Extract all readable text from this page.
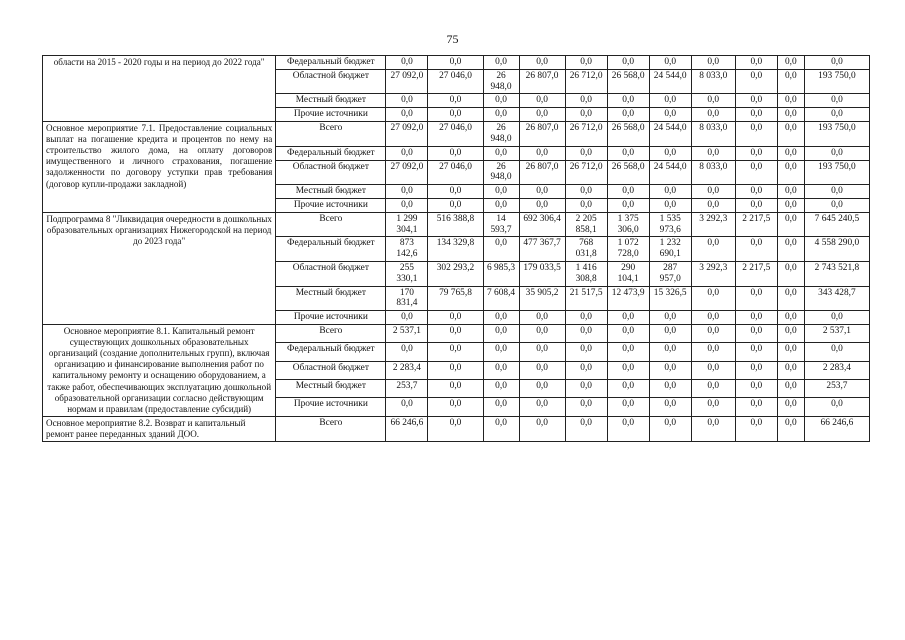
75
области на 2015 - 2020 годы и на период до 2022 года"	Федеральный бюджет	0,0	0,0	0,0	0,0	0,0	0,0	0,0	0,0	0,0	0,0	0,0
	Областной бюджет	27 092,0	27 046,0	26 948,0	26 807,0	26 712,0	26 568,0	24 544,0	8 033,0	0,0	0,0	193 750,0
	Местный бюджет	0,0	0,0	0,0	0,0	0,0	0,0	0,0	0,0	0,0	0,0	0,0
	Прочие источники	0,0	0,0	0,0	0,0	0,0	0,0	0,0	0,0	0,0	0,0	0,0
Основное мероприятие 7.1. Предоставление социальных выплат на погашение кредита и процентов по нему на строительство жилого дома, на оплату договоров имущественного и личного страхования, погашение задолженности по договору уступки прав требования (договор купли-продажи закладной)	Всего	27 092,0	27 046,0	26 948,0	26 807,0	26 712,0	26 568,0	24 544,0	8 033,0	0,0	0,0	193 750,0
	Федеральный бюджет	0,0	0,0	0,0	0,0	0,0	0,0	0,0	0,0	0,0	0,0	0,0
	Областной бюджет	27 092,0	27 046,0	26 948,0	26 807,0	26 712,0	26 568,0	24 544,0	8 033,0	0,0	0,0	193 750,0
	Местный бюджет	0,0	0,0	0,0	0,0	0,0	0,0	0,0	0,0	0,0	0,0	0,0
	Прочие источники	0,0	0,0	0,0	0,0	0,0	0,0	0,0	0,0	0,0	0,0	0,0
Подпрограмма 8 "Ликвидация очередности в дошкольных образовательных организациях Нижегородской на период до 2023 года"	Всего	1 299 304,1	516 388,8	14 593,7	692 306,4	2 205 858,1	1 375 306,0	1 535 973,6	3 292,3	2 217,5	0,0	7 645 240,5
	Федеральный бюджет	873 142,6	134 329,8	0,0	477 367,7	768 031,8	1 072 728,0	1 232 690,1	0,0	0,0	0,0	4 558 290,0
	Областной бюджет	255 330,1	302 293,2	6 985,3	179 033,5	1 416 308,8	290 104,1	287 957,0	3 292,3	2 217,5	0,0	2 743 521,8
	Местный бюджет	170 831,4	79 765,8	7 608,4	35 905,2	21 517,5	12 473,9	15 326,5	0,0	0,0	0,0	343 428,7
	Прочие источники	0,0	0,0	0,0	0,0	0,0	0,0	0,0	0,0	0,0	0,0	0,0
Основное мероприятие 8.1. Капитальный ремонт существующих дошкольных образовательных организаций (создание дополнительных групп), включая организацию и финансирование выполнения работ по капитальному ремонту и оснащению оборудованием, а также работ, обеспечивающих эксплуатацию дошкольной образовательной организации согласно действующим нормам и правилам (предоставление субсидий)	Всего	2 537,1	0,0	0,0	0,0	0,0	0,0	0,0	0,0	0,0	0,0	2 537,1
	Федеральный бюджет	0,0	0,0	0,0	0,0	0,0	0,0	0,0	0,0	0,0	0,0	0,0
	Областной бюджет	2 283,4	0,0	0,0	0,0	0,0	0,0	0,0	0,0	0,0	0,0	2 283,4
	Местный бюджет	253,7	0,0	0,0	0,0	0,0	0,0	0,0	0,0	0,0	0,0	253,7
	Прочие источники	0,0	0,0	0,0	0,0	0,0	0,0	0,0	0,0	0,0	0,0	0,0
Основное мероприятие 8.2. Возврат и капитальный ремонт ранее переданных зданий ДОО.	Всего	66 246,6	0,0	0,0	0,0	0,0	0,0	0,0	0,0	0,0	0,0	66 246,6
